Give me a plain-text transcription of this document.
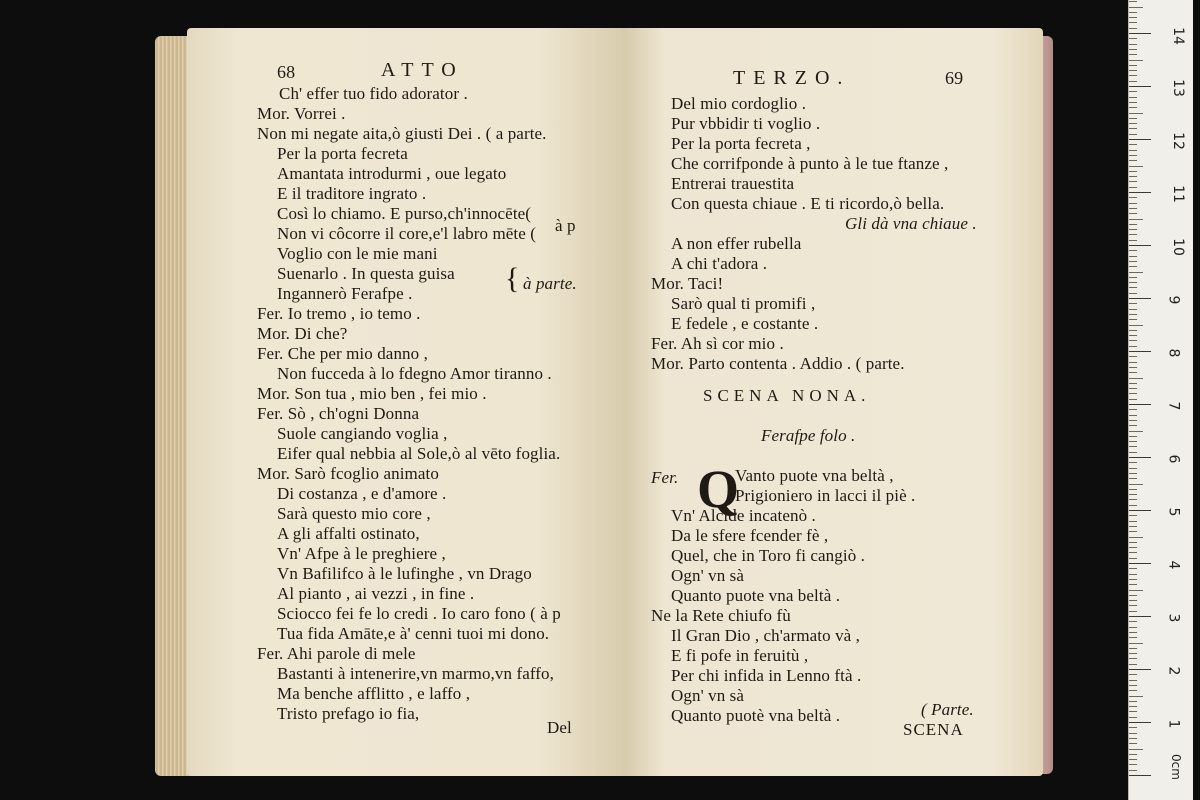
68	ATTO
Ch' effer tuo fido adorator .
Mor. Vorrei .
Non mi negate aita,ò giusti Dei . ( a parte.
Per la porta fecreta
Amantata introdurmi , oue legato
E il traditore ingrato .
Così lo chiamo. E purso,ch'innocēte(
Non vi côcorre il core,e'l labro mēte ( à p
Voglio con le mie mani
Suenarlo . In questa guisa
Ingannerò Ferafpe .	{ à parte.
Fer. Io tremo , io temo .
Mor. Di che?
Fer. Che per mio danno ,
Non fucceda à lo fdegno Amor tiranno .
Mor. Son tua , mio ben , fei mio .
Fer. Sò , ch'ogni Donna
Suole cangiando voglia ,
Eifer qual nebbia al Sole,ò al vēto foglia.
Mor. Sarò fcoglio animato
Di costanza , e d'amore .
Sarà questo mio core ,
A gli affalti ostinato,
Vn' Afpe à le preghiere ,
Vn Bafilifco à le lufinghe , vn Drago
Al pianto , ai vezzi , in fine .
Sciocco fei fe lo credi . Io caro fono ( à p
Tua fida Amāte,e à' cenni tuoi mi dono.
Fer. Ahi parole di mele
Bastanti à intenerire,vn marmo,vn faffo,
Ma benche afflitto , e laffo ,
Tristo prefago io fia,
Del
TERZO.	69
Del mio cordoglio .
Pur vbbidir ti voglio .
Per la porta fecreta ,
Che corrifponde à punto à le tue ftanze ,
Entrerai trauestita
Con questa chiaue . E ti ricordo,ò bella.
Gli dà vna chiaue .
A non effer rubella
A chi t'adora .
Mor. Taci!
Sarò qual ti promifi ,
E fedele , e costante .
Fer. Ah sì cor mio .
Mor. Parto contenta . Addio . ( parte.
SCENA NONA.
Ferafpe folo .
Fer. Q
Vanto puote vna beltà ,
Prigioniero in lacci il piè .
Vn' Alcide incatenò .
Da le sfere fcender fè ,
Quel, che in Toro fi cangiò .
Ogn' vn sà
Quanto puote vna beltà .
Ne la Rete chiufo fù
Il Gran Dio , ch'armato và ,
E fi pofe in feruitù ,
Per chi infida in Lenno ftà .
Ogn' vn sà
Quanto puotè vna beltà .	( Parte.
SCENA
14
13
12
11
10
9
8
7
6
5
4
3
2
1
0cm
